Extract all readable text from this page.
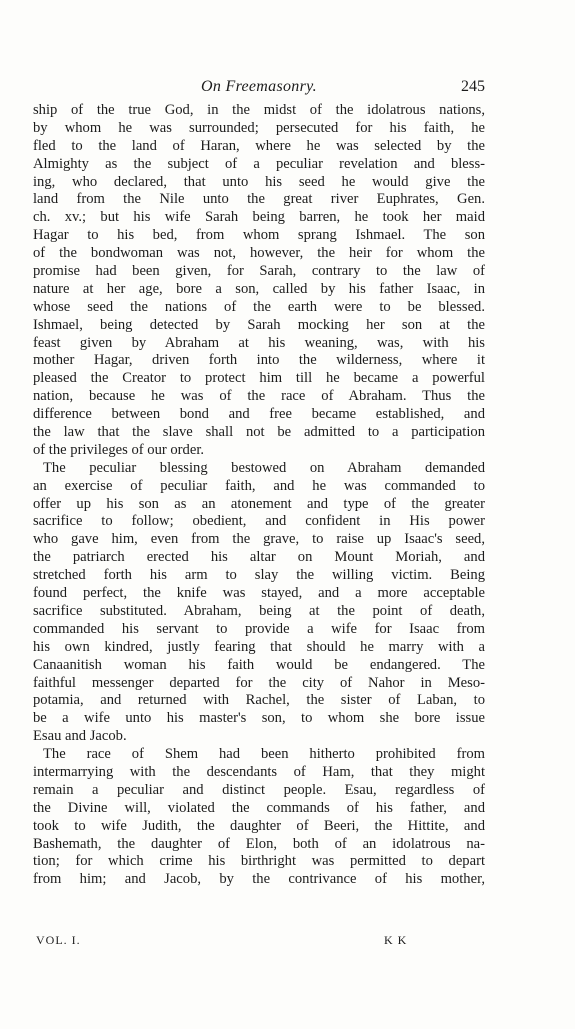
On Freemasonry.	245
ship of the true God, in the midst of the idolatrous nations,
by whom he was surrounded; persecuted for his faith, he
fled to the land of Haran, where he was selected by the
Almighty as the subject of a peculiar revelation and bless-
ing, who declared, that unto his seed he would give the
land from the Nile unto the great river Euphrates, Gen.
ch. xv.; but his wife Sarah being barren, he took her maid
Hagar to his bed, from whom sprang Ishmael. The son
of the bondwoman was not, however, the heir for whom the
promise had been given, for Sarah, contrary to the law of
nature at her age, bore a son, called by his father Isaac, in
whose seed the nations of the earth were to be blessed.
Ishmael, being detected by Sarah mocking her son at the
feast given by Abraham at his weaning, was, with his
mother Hagar, driven forth into the wilderness, where it
pleased the Creator to protect him till he became a powerful
nation, because he was of the race of Abraham. Thus the
difference between bond and free became established, and
the law that the slave shall not be admitted to a participation
of the privileges of our order.
The peculiar blessing bestowed on Abraham demanded
an exercise of peculiar faith, and he was commanded to
offer up his son as an atonement and type of the greater
sacrifice to follow; obedient, and confident in His power
who gave him, even from the grave, to raise up Isaac's seed,
the patriarch erected his altar on Mount Moriah, and
stretched forth his arm to slay the willing victim. Being
found perfect, the knife was stayed, and a more acceptable
sacrifice substituted. Abraham, being at the point of death,
commanded his servant to provide a wife for Isaac from
his own kindred, justly fearing that should he marry with a
Canaanitish woman his faith would be endangered. The
faithful messenger departed for the city of Nahor in Meso-
potamia, and returned with Rachel, the sister of Laban, to
be a wife unto his master's son, to whom she bore issue
Esau and Jacob.
The race of Shem had been hitherto prohibited from
intermarrying with the descendants of Ham, that they might
remain a peculiar and distinct people. Esau, regardless of
the Divine will, violated the commands of his father, and
took to wife Judith, the daughter of Beeri, the Hittite, and
Bashemath, the daughter of Elon, both of an idolatrous na-
tion; for which crime his birthright was permitted to depart
from him; and Jacob, by the contrivance of his mother,
VOL. I.	K K
